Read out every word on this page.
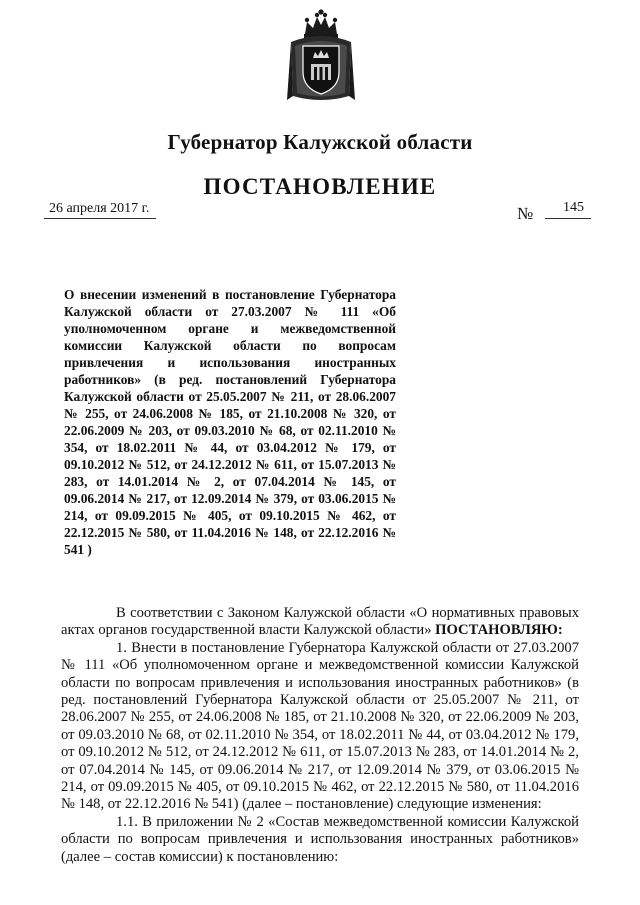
Губернатор Калужской области
ПОСТАНОВЛЕНИЕ
26 апреля 2017 г.	№ 145

О внесении изменений в постановление Губернатора Калужской области от 27.03.2007 № 111 «Об уполномоченном органе и межведомственной комиссии Калужской области по вопросам привлечения и использования иностранных работников» (в ред. постановлений Губернатора Калужской области от 25.05.2007 № 211, от 28.06.2007 № 255, от 24.06.2008 № 185, от 21.10.2008 № 320, от 22.06.2009 № 203, от 09.03.2010 № 68, от 02.11.2010 № 354, от 18.02.2011 № 44, от 03.04.2012 № 179, от 09.10.2012 № 512, от 24.12.2012 № 611, от 15.07.2013 № 283, от 14.01.2014 № 2, от 07.04.2014 № 145, от 09.06.2014 № 217, от 12.09.2014 № 379, от 03.06.2015 № 214, от 09.09.2015 № 405, от 09.10.2015 № 462, от 22.12.2015 № 580, от 11.04.2016 № 148, от 22.12.2016 № 541 )

В соответствии с Законом Калужской области «О нормативных правовых актах органов государственной власти Калужской области» ПОСТАНОВЛЯЮ:

1. Внести в постановление Губернатора Калужской области от 27.03.2007 № 111 «Об уполномоченном органе и межведомственной комиссии Калужской области по вопросам привлечения и использования иностранных работников» (в ред. постановлений Губернатора Калужской области от 25.05.2007 № 211, от 28.06.2007 № 255, от 24.06.2008 № 185, от 21.10.2008 № 320, от 22.06.2009 № 203, от 09.03.2010 № 68, от 02.11.2010 № 354, от 18.02.2011 № 44, от 03.04.2012 № 179, от 09.10.2012 № 512, от 24.12.2012 № 611, от 15.07.2013 № 283, от 14.01.2014 № 2, от 07.04.2014 № 145, от 09.06.2014 № 217, от 12.09.2014 № 379, от 03.06.2015 № 214, от 09.09.2015 № 405, от 09.10.2015 № 462, от 22.12.2015 № 580, от 11.04.2016 № 148, от 22.12.2016 № 541) (далее – постановление) следующие изменения:

1.1. В приложении № 2 «Состав межведомственной комиссии Калужской области по вопросам привлечения и использования иностранных работников» (далее – состав комиссии) к постановлению:
